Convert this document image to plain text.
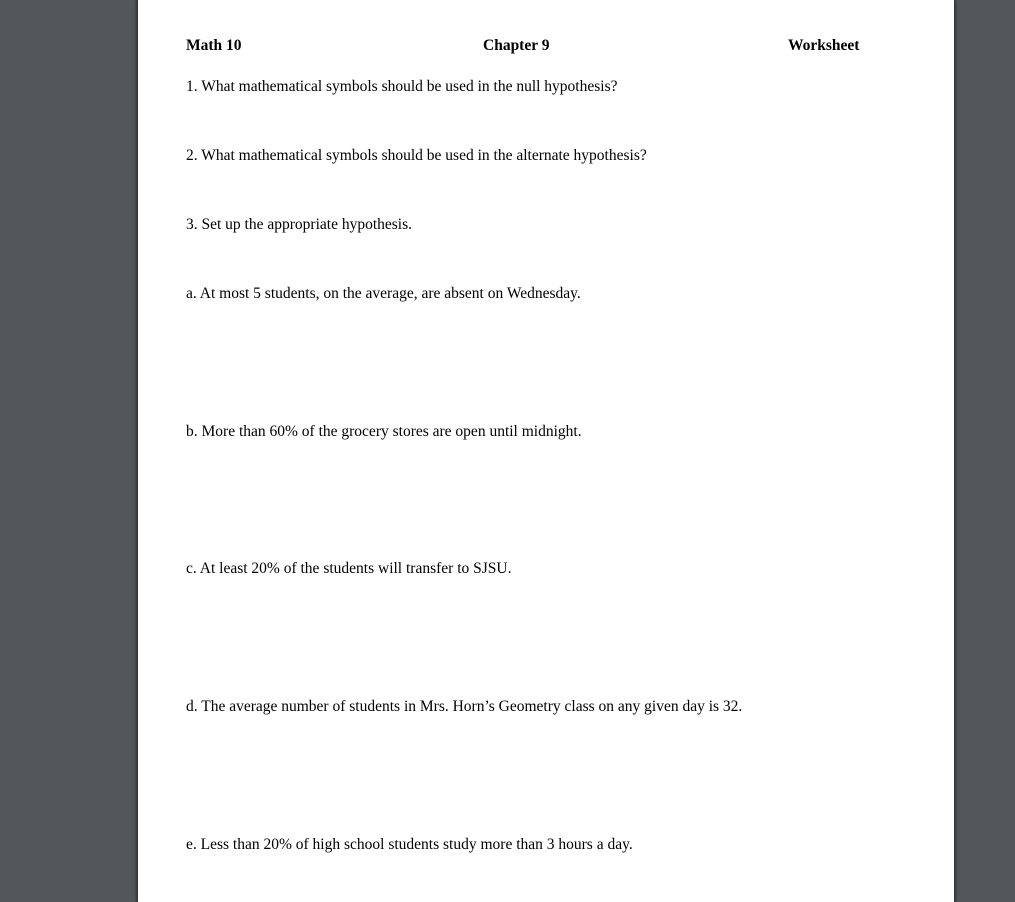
Math 10	Chapter 9	Worksheet
1. What mathematical symbols should be used in the null hypothesis?
2. What mathematical symbols should be used in the alternate hypothesis?
3. Set up the appropriate hypothesis.
a. At most 5 students, on the average, are absent on Wednesday.
b. More than 60% of the grocery stores are open until midnight.
c. At least 20% of the students will transfer to SJSU.
d. The average number of students in Mrs. Horn’s Geometry class on any given day is 32.
e. Less than 20% of high school students study more than 3 hours a day.
